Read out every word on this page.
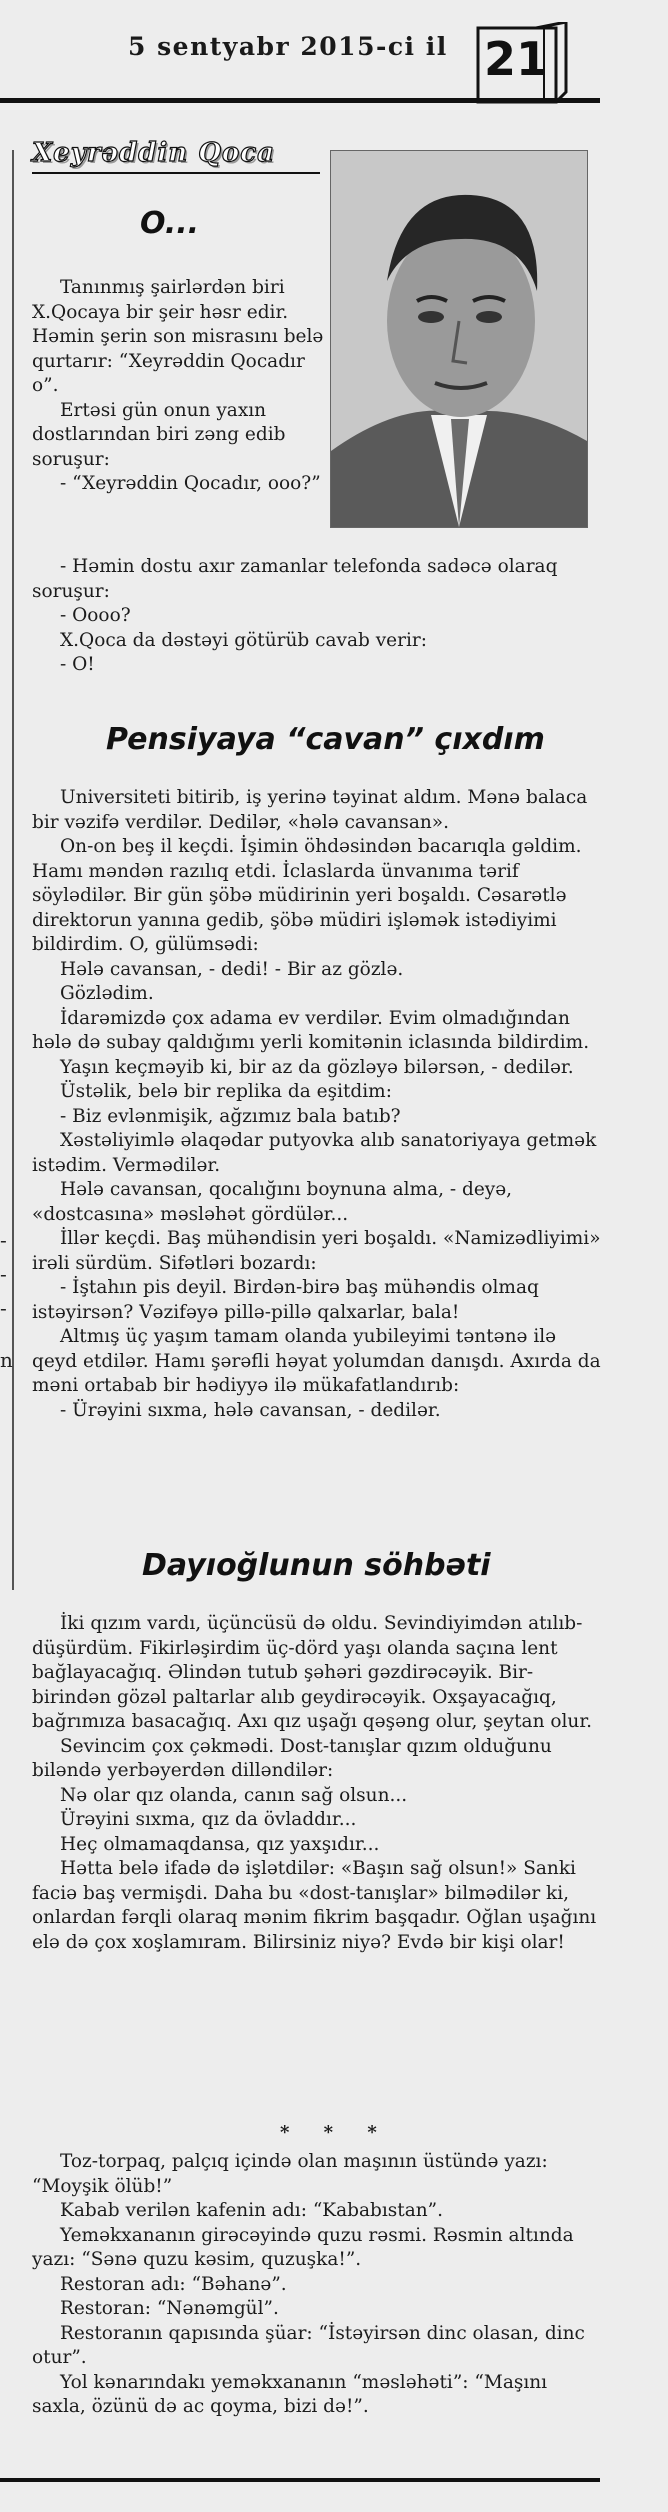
5 sentyabr 2015-ci il 21
-
-
-
n
Xeyrəddin Qoca
O...

Tanınmış şairlərdən biri X.Qocaya bir şeir həsr edir. Həmin şerin son misrasını belə qurtarır: “Xeyrəddin Qocadır o”.

Ertəsi gün onun yaxın dostlarından biri zəng edib soruşur:

- “Xeyrəddin Qocadır, ooo?”

- Həmin dostu axır zamanlar telefonda sadəcə olaraq soruşur:

- Oooo?

X.Qoca da dəstəyi götürüb cavab verir:

- O!

Pensiyaya “cavan” çıxdım

Universiteti bitirib, iş yerinə təyinat aldım. Mənə balaca bir vəzifə verdilər. Dedilər, «hələ cavansan».

On-on beş il keçdi. İşimin öhdəsindən bacarıqla gəldim. Hamı məndən razılıq etdi. İclaslarda ünvanıma tərif söylədilər. Bir gün şöbə müdirinin yeri boşaldı. Cəsarətlə direktorun yanına gedib, şöbə müdiri işləmək istədiyimi bildirdim. O, gülümsədi:

Hələ cavansan, - dedi! - Bir az gözlə.

Gözlədim.

İdarəmizdə çox adama ev verdilər. Evim olmadığından hələ də subay qaldığımı yerli komitənin iclasında bildirdim.

Yaşın keçməyib ki, bir az da gözləyə bilərsən, - dedilər.

Üstəlik, belə bir replika da eşitdim:

- Biz evlənmişik, ağzımız bala batıb?

Xəstəliyimlə əlaqədar putyovka alıb sanatoriyaya getmək istədim. Vermədilər.

Hələ cavansan, qocalığını boynuna alma, - deyə, «dostcasına» məsləhət gördülər...

İllər keçdi. Baş mühəndisin yeri boşaldı. «Namizədliyimi» irəli sürdüm. Sifətləri bozardı:

- İştahın pis deyil. Birdən-birə baş mühəndis olmaq istəyirsən? Vəzifəyə pillə-pillə qalxarlar, bala!

Altmış üç yaşım tamam olanda yubileyimi təntənə ilə qeyd etdilər. Hamı şərəfli həyat yolumdan danışdı. Axırda da məni ortabab bir hədiyyə ilə mükafatlandırıb:

- Ürəyini sıxma, hələ cavansan, - dedilər.

Dayıoğlunun söhbəti

İki qızım vardı, üçüncüsü də oldu. Sevindiyimdən atılıb-düşürdüm. Fikirləşirdim üç-dörd yaşı olanda saçına lent bağlayacağıq. Əlindən tutub şəhəri gəzdirəcəyik. Bir-birindən gözəl paltarlar alıb geydirəcəyik. Oxşayacağıq, bağrımıza basacağıq. Axı qız uşağı qəşəng olur, şeytan olur.

Sevincim çox çəkmədi. Dost-tanışlar qızım olduğunu biləndə yerbəyerdən dilləndilər:

Nə olar qız olanda, canın sağ olsun...

Ürəyini sıxma, qız da övladdır...

Heç olmamaqdansa, qız yaxşıdır...

Hətta belə ifadə də işlətdilər: «Başın sağ olsun!» Sanki faciə baş vermişdi. Daha bu «dost-tanışlar» bilmədilər ki, onlardan fərqli olaraq mənim fikrim başqadır. Oğlan uşağını elə də çox xoşlamıram. Bilirsiniz niyə? Evdə bir kişi olar!

* * *

Toz-torpaq, palçıq içində olan maşının üstündə yazı: “Moyşik ölüb!”

Kabab verilən kafenin adı: “Kababıstan”.

Yeməkxananın girəcəyində quzu rəsmi. Rəsmin altında yazı: “Sənə quzu kəsim, quzuşka!”.

Restoran adı: “Bəhanə”.

Restoran: “Nənəmgül”.

Restoranın qapısında şüar: “İstəyirsən dinc olasan, dinc otur”.

Yol kənarındakı yeməkxananın “məsləhəti”: “Maşını saxla, özünü də ac qoyma, bizi də!”.
